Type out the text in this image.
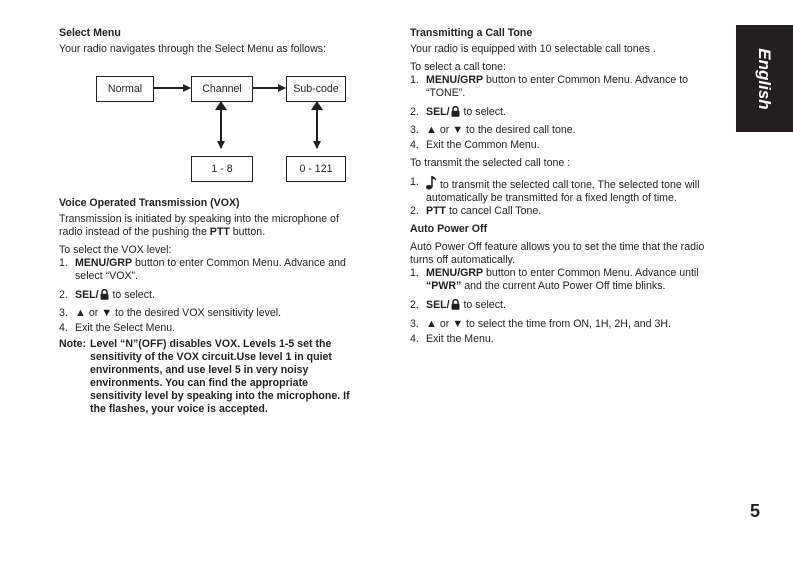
Select Menu

Your radio navigates through the Select Menu as follows:

Normal	Channel	Sub-code
1 - 8	0 - 121
Voice Operated Transmission (VOX)

Transmission is initiated by speaking into the microphone of

radio instead of the pushing the PTT button.

To select the VOX level:

1. MENU/GRP button to enter Common Menu. Advance and
select “VOX”.
2. SEL/ to select.
3. ▲ or ▼ to the desired VOX sensitivity level.
4. Exit the Select Menu.
Note: Level “N”(OFF) disables VOX. Levels 1-5 set the
sensitivity of the VOX circuit.Use level 1 in quiet
environments, and use level 5 in very noisy
environments. You can find the appropriate
sensitivity level by speaking into the microphone. If
the flashes, your voice is accepted.
Transmitting a Call Tone

Your radio is equipped with 10 selectable call tones .

To select a call tone:

1. MENU/GRP button to enter Common Menu. Advance to
“TONE”.
2. SEL/ to select.
3. ▲ or ▼ to the desired call tone.
4. Exit the Common Menu.

To transmit the selected call tone :

1. to transmit the selected call tone. The selected tone will
automatically be transmitted for a fixed length of time.
2. PTT to cancel Call Tone.
Auto Power Off

Auto Power Off feature allows you to set the time that the radio

turns off automatically.

1. MENU/GRP button to enter Common Menu. Advance until
“PWR” and the current Auto Power Off time blinks.
2. SEL/ to select.
3. ▲ or ▼ to select the time from ON, 1H, 2H, and 3H.
4. Exit the Menu.
English
5
